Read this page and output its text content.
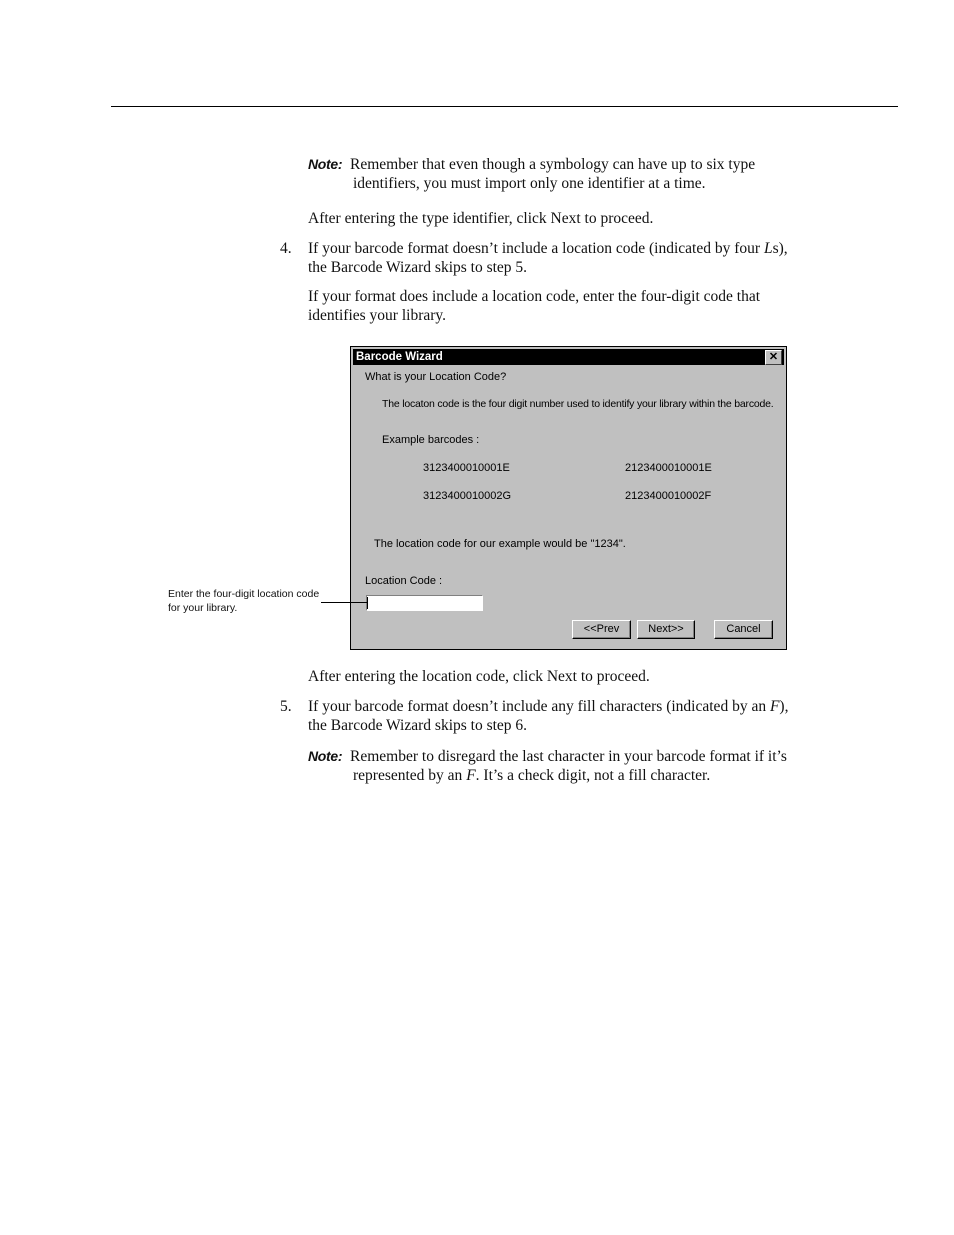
Note: Remember that even though a symbology can have up to six type
identifiers, you must import only one identifier at a time.
After entering the type identifier, click Next to proceed.
4. If your barcode format doesn’t include a location code (indicated by four Ls),
the Barcode Wizard skips to step 5.
If your format does include a location code, enter the four-digit code that
identifies your library.
Barcode Wizard	✕
What is your Location Code?
The locaton code is the four digit number used to identify your library within the barcode.
Example barcodes :
3123400010001E	2123400010001E
3123400010002G	2123400010002F
The location code for our example would be "1234".
Location Code :
<<Prev	Next>>	Cancel
Enter the four-digit location code
for your library.
After entering the location code, click Next to proceed.
5. If your barcode format doesn’t include any fill characters (indicated by an F),
the Barcode Wizard skips to step 6.
Note: Remember to disregard the last character in your barcode format if it’s
represented by an F. It’s a check digit, not a fill character.
